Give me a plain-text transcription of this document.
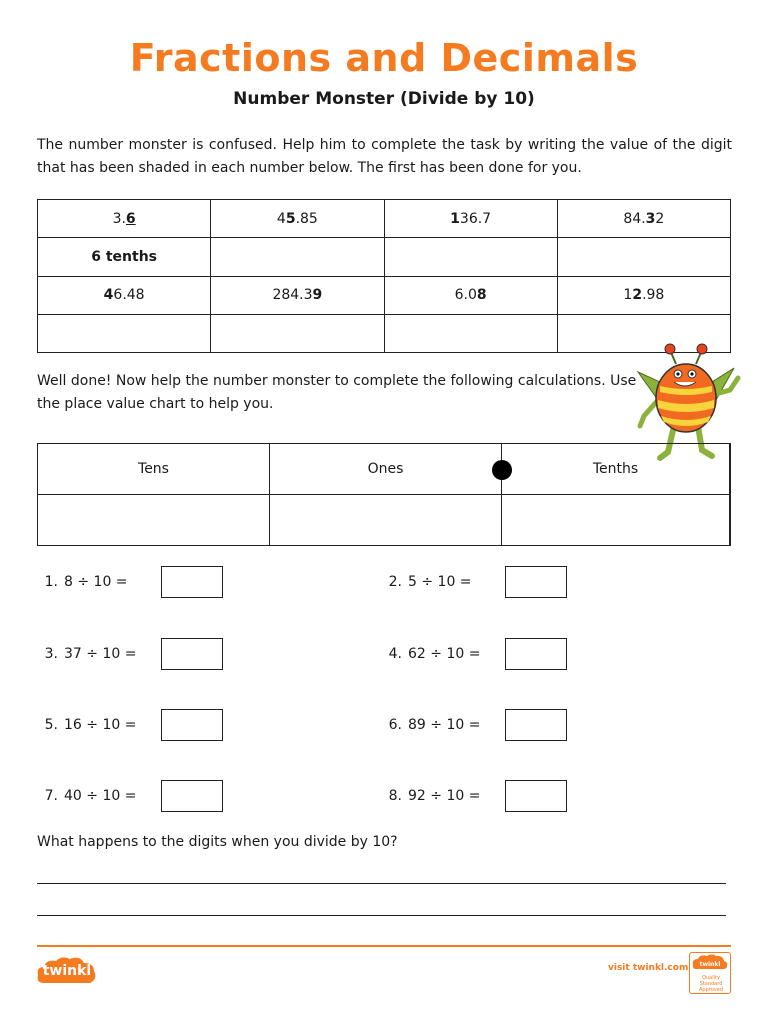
Fractions and Decimals
Number Monster (Divide by 10)
The number monster is confused. Help him to complete the task by writing the value of the digit that has been shaded in each number below. The first has been done for you.
3.6	45.85	136.7	84.32
6 tenths			
46.48	284.39	6.08	12.98

Well done! Now help the number monster to complete the following calculations. Use the place value chart to help you.
Tens	Ones	Tenths
1. 8 ÷ 10 =	2. 5 ÷ 10 =
3. 37 ÷ 10 =	4. 62 ÷ 10 =
5. 16 ÷ 10 =	6. 89 ÷ 10 =
7. 40 ÷ 10 =	8. 92 ÷ 10 =
What happens to the digits when you divide by 10?
twinkl	visit twinkl.com twinkl
Quality Standard Approved
